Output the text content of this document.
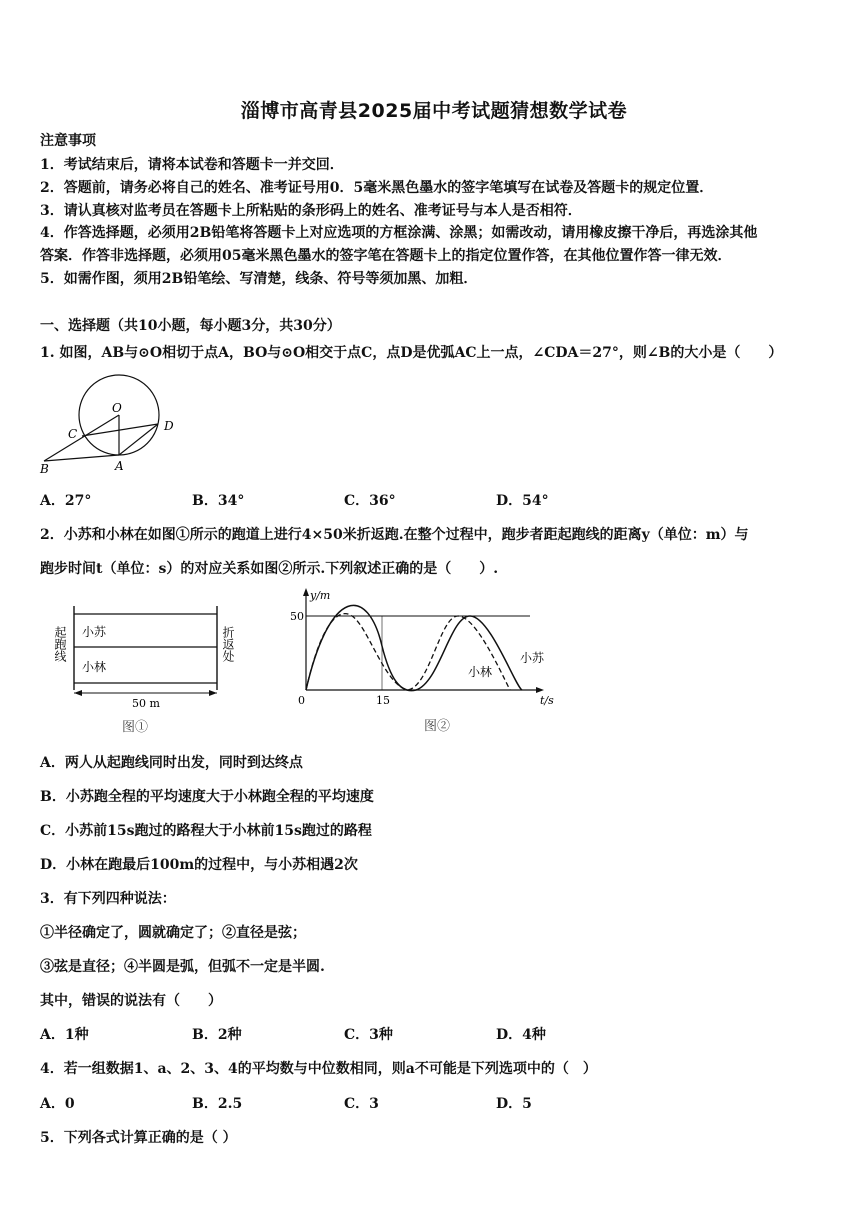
淄博市高青县2025届中考试题猜想数学试卷
注意事项
1．考试结束后，请将本试卷和答题卡一并交回．
2．答题前，请务必将自己的姓名、准考证号用0．5毫米黑色墨水的签字笔填写在试卷及答题卡的规定位置．
3．请认真核对监考员在答题卡上所粘贴的条形码上的姓名、准考证号与本人是否相符．
4．作答选择题，必须用2B铅笔将答题卡上对应选项的方框涂满、涂黑；如需改动，请用橡皮擦干净后，再选涂其他
答案．作答非选择题，必须用05毫米黑色墨水的签字笔在答题卡上的指定位置作答，在其他位置作答一律无效．
5．如需作图，须用2B铅笔绘、写清楚，线条、符号等须加黑、加粗．
一、选择题（共10小题，每小题3分，共30分）
1. 如图，AB与⊙O相切于点A，BO与⊙O相交于点C，点D是优弧AC上一点，∠CDA＝27°，则∠B的大小是（　　）
O
C
D
B	A
A．27°	B．34°	C．36°	D．54°
2．小苏和小林在如图①所示的跑道上进行4×50米折返跑.在整个过程中，跑步者距起跑线的距离y（单位：m）与
跑步时间t（单位：s）的对应关系如图②所示.下列叙述正确的是（　　）.
小苏
小林
起跑线	折返处
50 m
图①
y/m
t/s
0
50
15
小林
小苏
图②
A．两人从起跑线同时出发，同时到达终点
B．小苏跑全程的平均速度大于小林跑全程的平均速度
C．小苏前15s跑过的路程大于小林前15s跑过的路程
D．小林在跑最后100m的过程中，与小苏相遇2次
3．有下列四种说法：
①半径确定了，圆就确定了；②直径是弦；
③弦是直径；④半圆是弧，但弧不一定是半圆.
其中，错误的说法有（　　）
A．1种	B．2种	C．3种	D．4种
4．若一组数据1、a、2、3、4的平均数与中位数相同，则a不可能是下列选项中的（　）
A．0	B．2.5	C．3	D．5
5．下列各式计算正确的是（ ）
